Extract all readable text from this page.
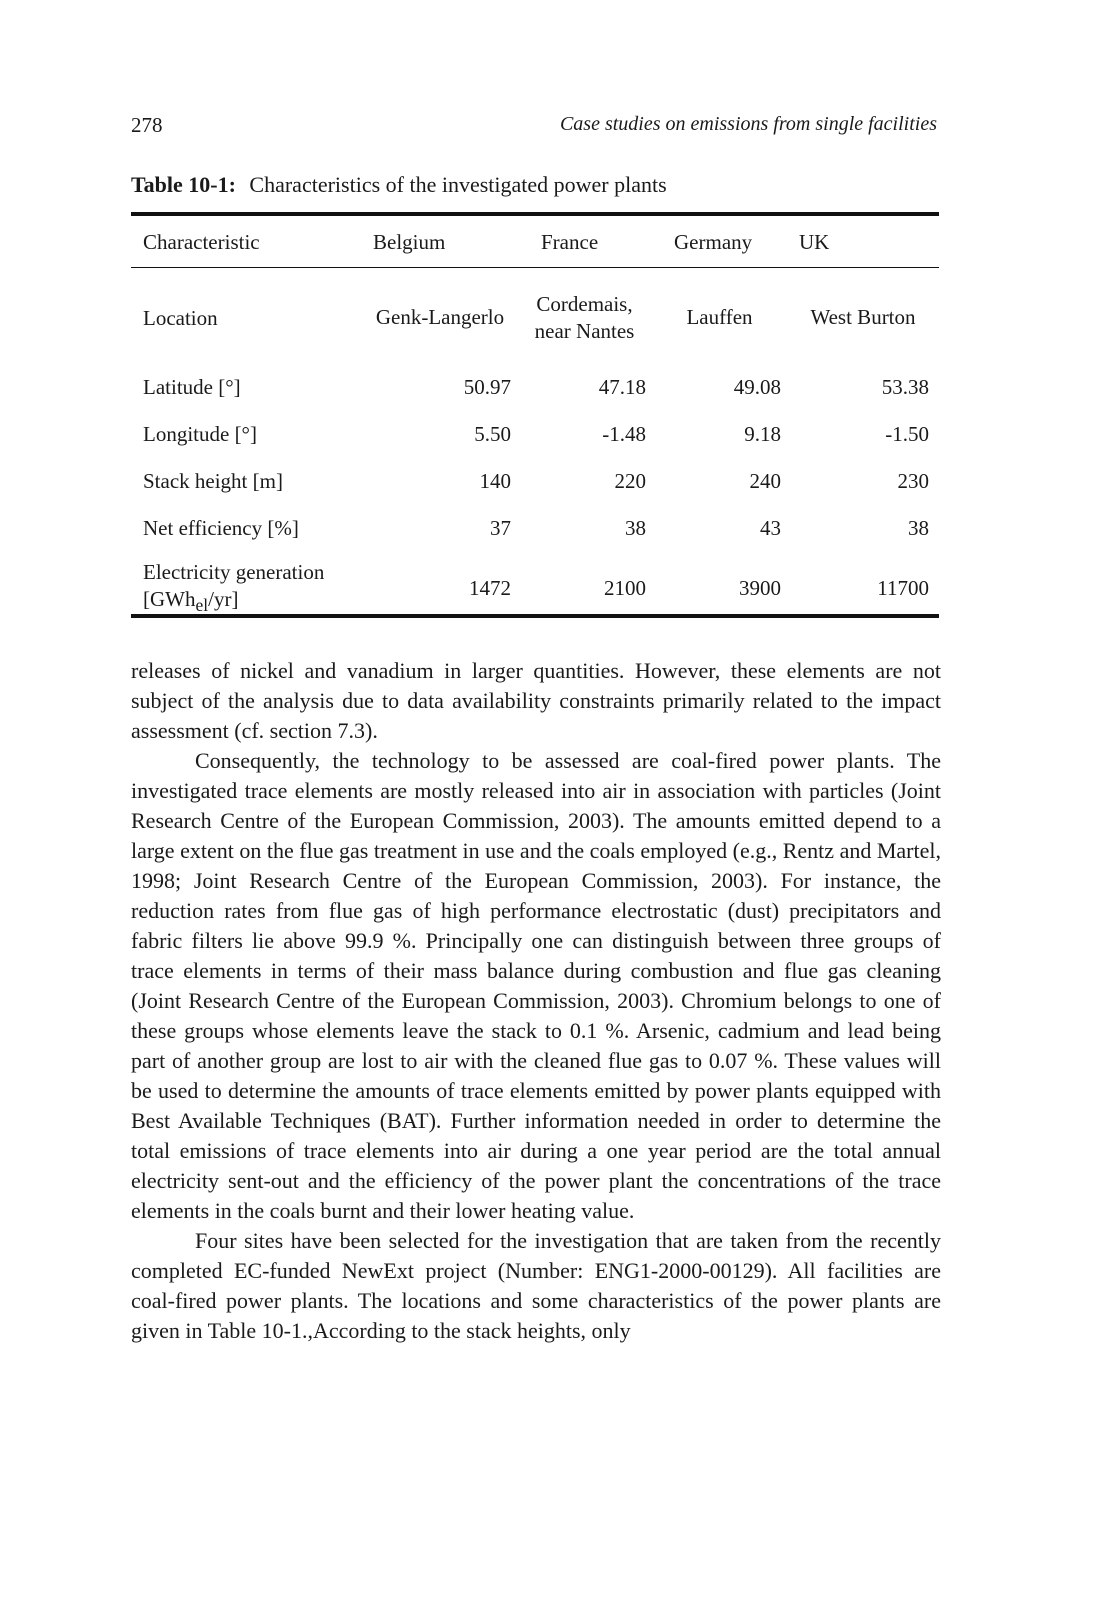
278	Case studies on emissions from single facilities
Table 10-1: Characteristics of the investigated power plants
Characteristic	Belgium	France	Germany	UK
Location	Genk-Langerlo	Cordemais,
near Nantes	Lauffen	West Burton
Latitude [°]	50.97	47.18	49.08	53.38
Longitude [°]	5.50	-1.48	9.18	-1.50
Stack height [m]	140	220	240	230
Net efficiency [%]	37	38	43	38
Electricity generation
[GWh$_{el}$/yr]	1472	2100	3900	11700

releases of nickel and vanadium in larger quantities. However, these elements are not subject of the analysis due to data availability constraints primarily related to the impact assessment (cf. section 7.3).

Consequently, the technology to be assessed are coal-fired power plants. The investigated trace elements are mostly released into air in association with particles (Joint Research Centre of the European Commission, 2003). The amounts emitted depend to a large extent on the flue gas treatment in use and the coals employed (e.g., Rentz and Martel, 1998; Joint Research Centre of the European Commission, 2003). For instance, the reduction rates from flue gas of high performance electrostatic (dust) precipitators and fabric filters lie above 99.9 %. Principally one can distinguish between three groups of trace elements in terms of their mass balance during combustion and flue gas cleaning (Joint Research Centre of the European Commission, 2003). Chromium belongs to one of these groups whose elements leave the stack to 0.1 %. Arsenic, cadmium and lead being part of another group are lost to air with the cleaned flue gas to 0.07 %. These values will be used to determine the amounts of trace elements emitted by power plants equipped with Best Available Techniques (BAT). Further information needed in order to determine the total emissions of trace elements into air during a one year period are the total annual electricity sent-out and the efficiency of the power plant the concentrations of the trace elements in the coals burnt and their lower heating value.

Four sites have been selected for the investigation that are taken from the recently completed EC-funded NewExt project (Number: ENG1-2000-00129). All facilities are coal-fired power plants. The locations and some characteristics of the power plants are given in Table 10-1.,According to the stack heights, only
